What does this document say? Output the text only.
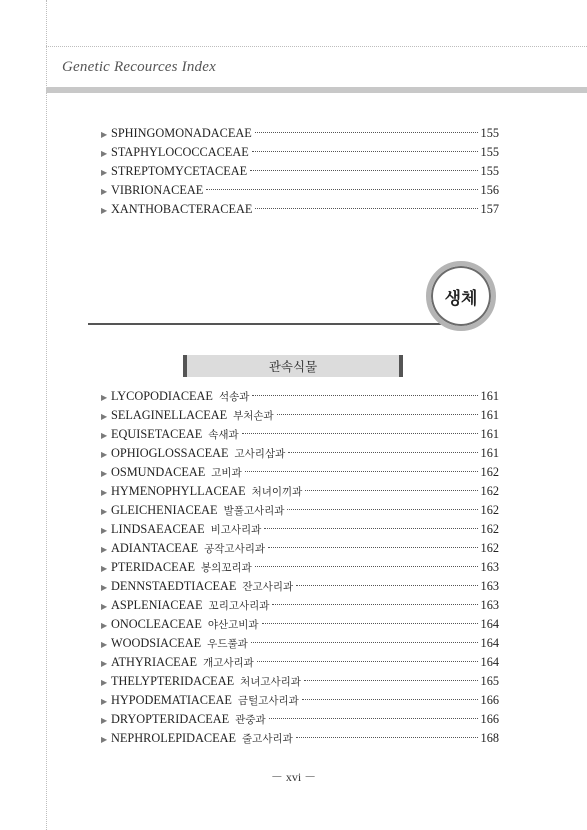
Genetic Recources Index
▶ SPHINGOMONADACEAE	155
▶ STAPHYLOCOCCACEAE	155
▶ STREPTOMYCETACEAE	155
▶ VIBRIONACEAE	156
▶ XANTHOBACTERACEAE	157
생체
관속식물
▶ LYCOPODIACEAE 석송과	161
▶ SELAGINELLACEAE 부처손과	161
▶ EQUISETACEAE 속새과	161
▶ OPHIOGLOSSACEAE 고사리삼과	161
▶ OSMUNDACEAE 고비과	162
▶ HYMENOPHYLLACEAE 처녀이끼과	162
▶ GLEICHENIACEAE 발풀고사리과	162
▶ LINDSAEACEAE 비고사리과	162
▶ ADIANTACEAE 공작고사리과	162
▶ PTERIDACEAE 봉의꼬리과	163
▶ DENNSTAEDTIACEAE 잔고사리과	163
▶ ASPLENIACEAE 꼬리고사리과	163
▶ ONOCLEACEAE 야산고비과	164
▶ WOODSIACEAE 우드풀과	164
▶ ATHYRIACEAE 개고사리과	164
▶ THELYPTERIDACEAE 처녀고사리과	165
▶ HYPODEMATIACEAE 금털고사리과	166
▶ DRYOPTERIDACEAE 관중과	166
▶ NEPHROLEPIDACEAE 줄고사리과	168
－ xvi －
